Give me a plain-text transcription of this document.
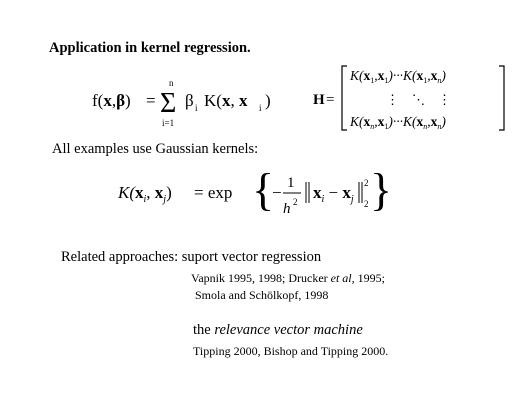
Application in kernel regression.
f(x,β) =
n
Σ
i=1
β i K(x, x i )	H =
$K(x_1,x_1)\cdot\cdot\cdot K(x_1,x_n)$
⋮    ⋱    ⋮
$K(x_n,x_1)\cdot\cdot\cdot K(x_n,x_n)$
All examples use Gaussian kernels:
$K(x_i$, $x_j) = \exp$ {
− 1
h 2 $x_i - x_j$
2
2 }
Related approaches: suport vector regression
Vapnik 1995, 1998; Drucker et al, 1995;
Smola and Schölkopf, 1998
the relevance vector machine
Tipping 2000, Bishop and Tipping 2000.
